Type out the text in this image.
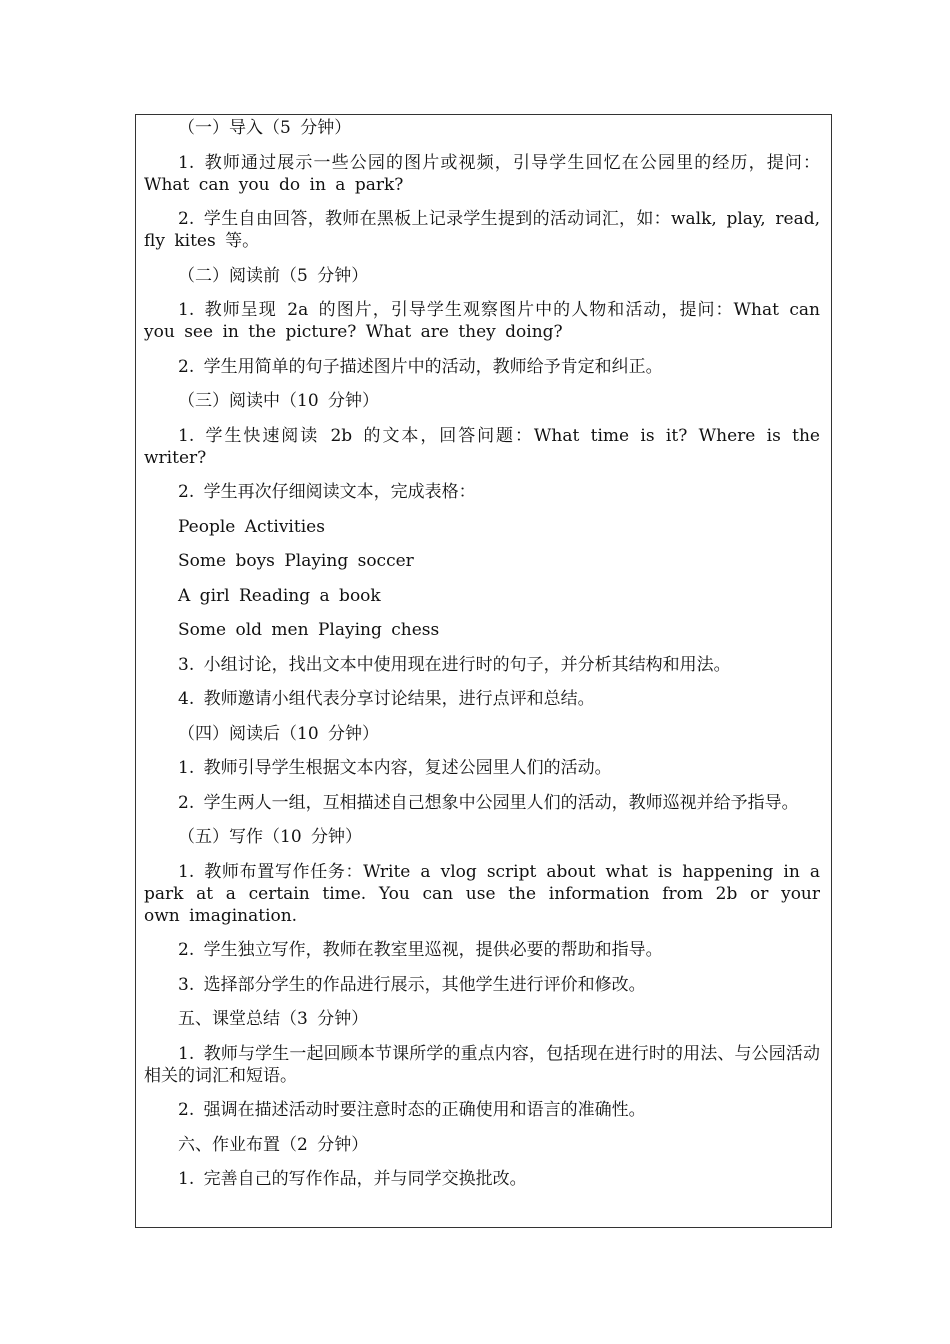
（一）导入（5 分钟）

1. 教师通过展示一些公园的图片或视频，引导学生回忆在公园里的经历，提问：What can you do in a park?

2. 学生自由回答，教师在黑板上记录学生提到的活动词汇，如：walk, play, read, fly kites 等。

（二）阅读前（5 分钟）

1. 教师呈现 2a 的图片，引导学生观察图片中的人物和活动，提问：What can you see in the picture? What are they doing?

2. 学生用简单的句子描述图片中的活动，教师给予肯定和纠正。

（三）阅读中（10 分钟）

1. 学生快速阅读 2b 的文本，回答问题：What time is it? Where is the writer?

2. 学生再次仔细阅读文本，完成表格：

People Activities

Some boys Playing soccer

A girl Reading a book

Some old men Playing chess

3. 小组讨论，找出文本中使用现在进行时的句子，并分析其结构和用法。

4. 教师邀请小组代表分享讨论结果，进行点评和总结。

（四）阅读后（10 分钟）

1. 教师引导学生根据文本内容，复述公园里人们的活动。

2. 学生两人一组，互相描述自己想象中公园里人们的活动，教师巡视并给予指导。

（五）写作（10 分钟）

1. 教师布置写作任务：Write a vlog script about what is happening in a park at a certain time. You can use the information from 2b or your own imagination.

2. 学生独立写作，教师在教室里巡视，提供必要的帮助和指导。

3. 选择部分学生的作品进行展示，其他学生进行评价和修改。

五、课堂总结（3 分钟）

1. 教师与学生一起回顾本节课所学的重点内容，包括现在进行时的用法、与公园活动相关的词汇和短语。

2. 强调在描述活动时要注意时态的正确使用和语言的准确性。

六、作业布置（2 分钟）

1. 完善自己的写作作品，并与同学交换批改。
